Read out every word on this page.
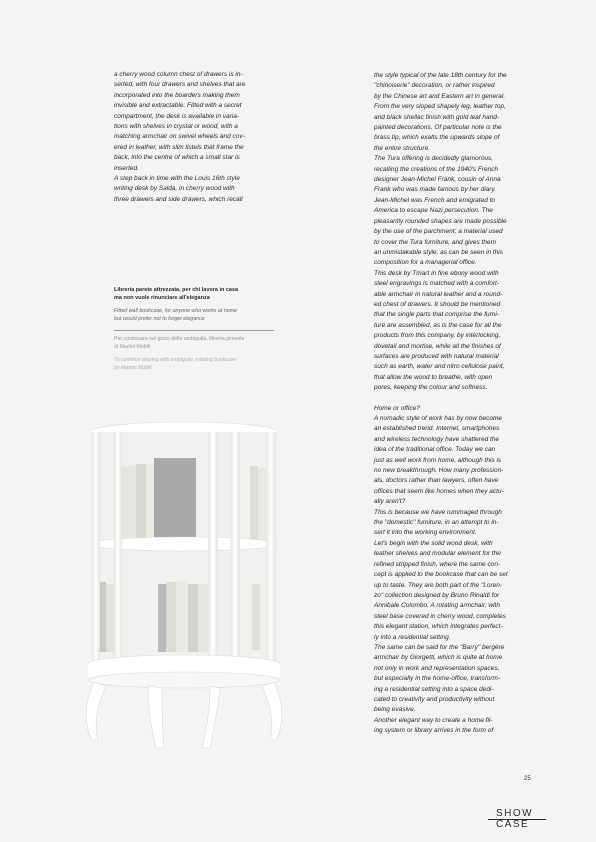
a cherry wood column chest of drawers is in-
serted, with four drawers and shelves that are
incorporated into the boarders making them
invisible and extractable. Fitted with a secret
compartment, the desk is available in varia-
tions with shelves in crystal or wood, with a
matching armchair on swivel wheels and cov-
ered in leather, with slim listels that frame the
back, into the centre of which a small star is
inserted.
A step back in time with the Louis 16th style
writing desk by Salda, in cherry wood with
three drawers and side drawers, which recall

Libreria parete attrezzata, per chi lavora in casa
ma non vuole rinunciare all'eleganza

Fitted wall bookcase, for anyone who works at home
but would prefer not to forget elegance

Per continuare nel gioco delle ambiguità, libreria girevole
di Martini Mobili

To continue playing with ambiguity, rotating bookcase
by Martini Mobili

the style typical of the late 18th century for the
"chinoiserie" decoration, or rather inspired
by the Chinese art and Eastern art in general.
From the very sloped shapely leg, leather top,
and black shellac finish with gold leaf hand-
painted decorations. Of particular note is the
brass tip, which exalts the upwards slope of
the entire structure.

The Tura offering is decidedly glamorous,
recalling the creations of the 1940's French
designer Jean-Michel Frank, cousin of Anna
Frank who was made famous by her diary.
Jean-Michel was French and emigrated to
America to escape Nazi persecution. The
pleasantly rounded shapes are made possible
by the use of the parchment; a material used
to cover the Tura furniture, and gives them
an unmistakable style, as can be seen in this
composition for a managerial office.

This desk by Tmart in fine ebony wood with
steel engravings is matched with a comfort-
able armchair in natural leather and a round-
ed chest of drawers. It should be mentioned
that the single parts that comprise the furni-
ture are assembled, as is the case for all the
products from this company, by interlocking,
dovetail and mortise, while all the finishes of
surfaces are produced with natural material
such as earth, water and nitro cellulose paint,
that allow the wood to breathe, with open
pores, keeping the colour and softness.

Home or office?

A nomadic style of work has by now become
an established trend. Internet, smartphones
and wireless technology have shattered the
idea of the traditional office. Today we can
just as well work from home, although this is
no new breakthrough. How many profession-
als, doctors rather than lawyers, often have
offices that seem like homes when they actu-
ally aren't?

This is because we have rummaged through
the "domestic" furniture, in an attempt to in-
sert it into the working environment.

Let's begin with the solid wood desk, with
leather shelves and modular element for the
refined stripped finish, where the same con-
cept is applied to the bookcase that can be set
up to taste. They are both part of the "Loren-
zo" collection designed by Bruno Rinaldi for
Annibale Colombo. A rotating armchair, with
steel base covered in cherry wood, completes
this elegant station, which integrates perfect-
ly into a residential setting.

The same can be said for the "Barry" bergère
armchair by Giorgetti, which is quite at home
not only in work and representation spaces,
but especially in the home-office, transform-
ing a residential setting into a space dedi-
cated to creativity and productivity without
being evasive.

Another elegant way to create a home fil-
ing system or library arrives in the form of

25
SHOW
CASE
